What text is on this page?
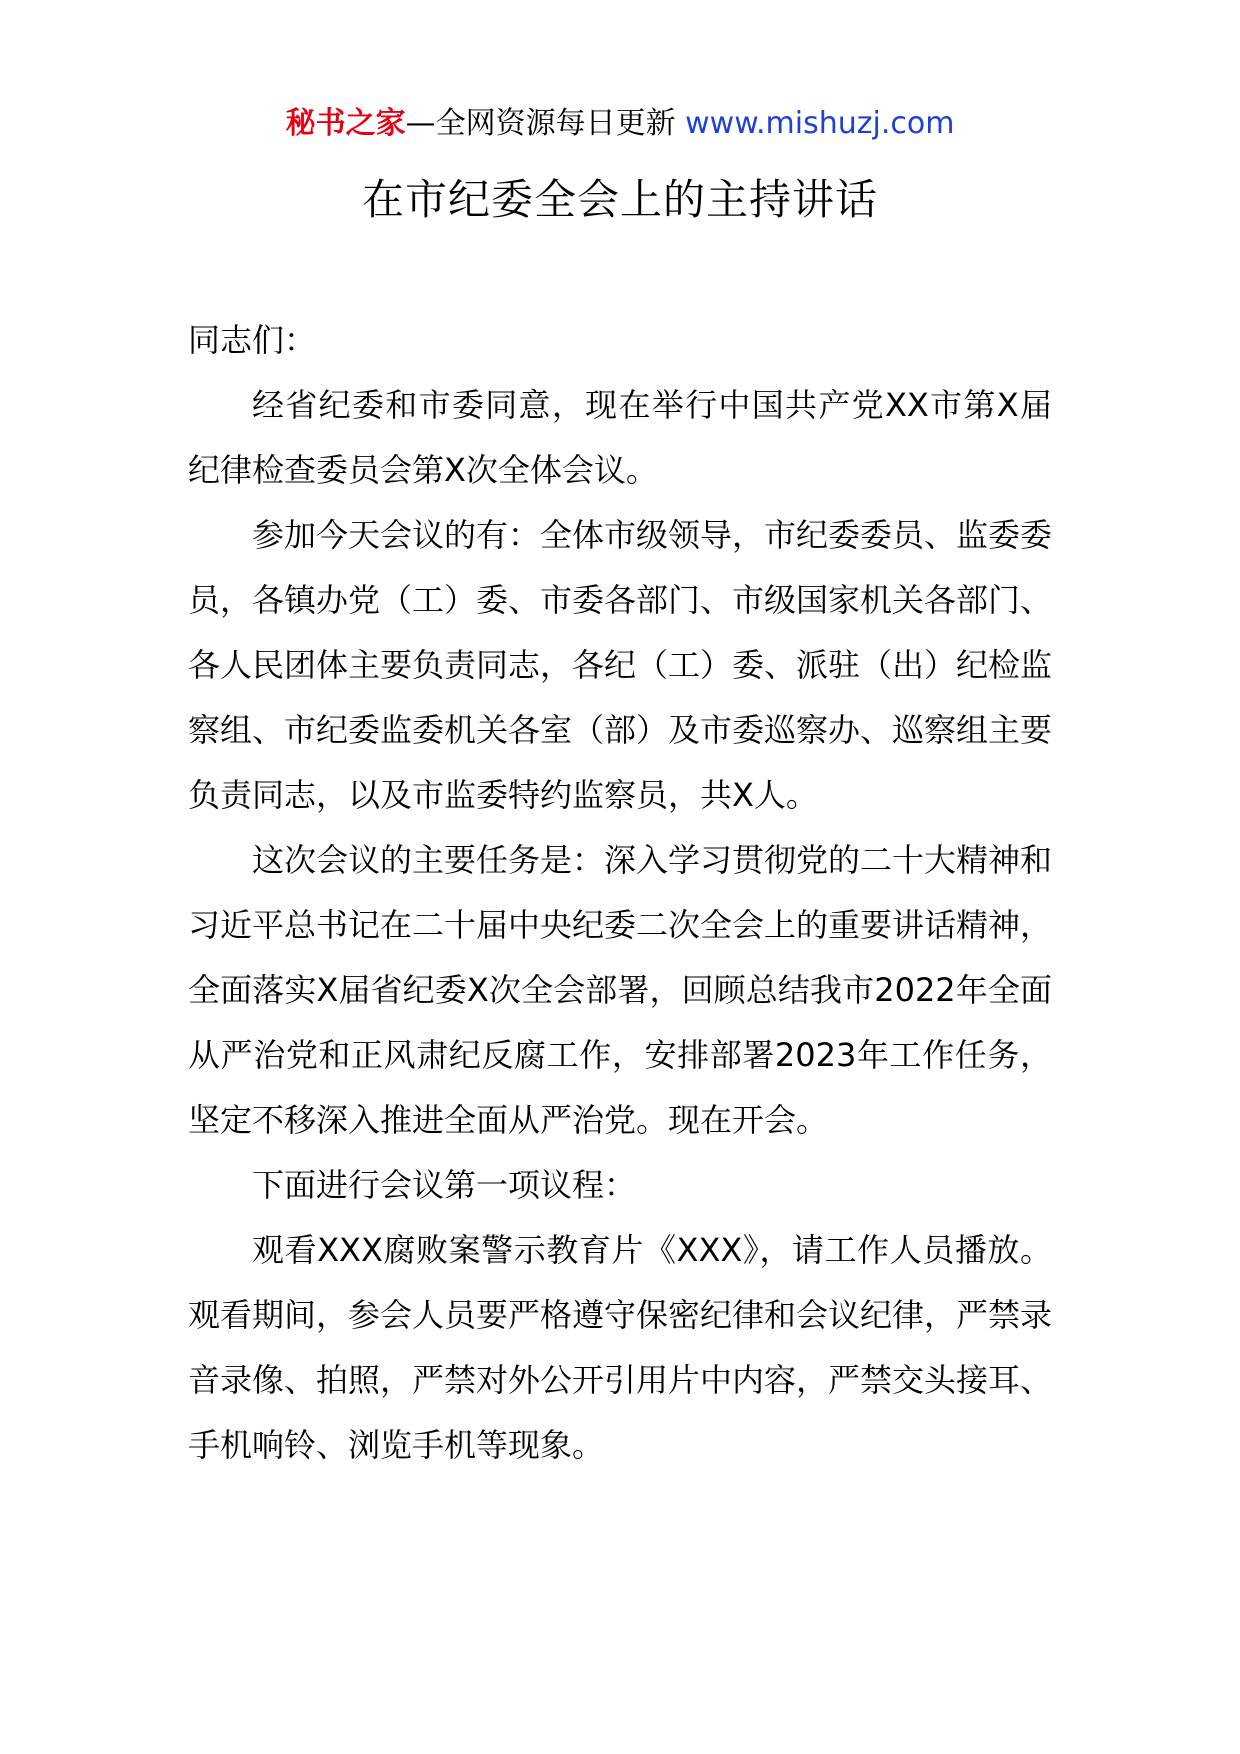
秘书之家—全网资源每日更新 www.mishuzj.com
在市纪委全会上的主持讲话

同志们：

经省纪委和市委同意，现在举行中国共产党XX市第X届纪律检查委员会第X次全体会议。

参加今天会议的有：全体市级领导，市纪委委员、监委委员，各镇办党（工）委、市委各部门、市级国家机关各部门、各人民团体主要负责同志，各纪（工）委、派驻（出）纪检监察组、市纪委监委机关各室（部）及市委巡察办、巡察组主要负责同志，以及市监委特约监察员，共X人。

这次会议的主要任务是：深入学习贯彻党的二十大精神和习近平总书记在二十届中央纪委二次全会上的重要讲话精神，全面落实X届省纪委X次全会部署，回顾总结我市2022年全面从严治党和正风肃纪反腐工作，安排部署2023年工作任务，坚定不移深入推进全面从严治党。现在开会。

下面进行会议第一项议程：

观看XXX腐败案警示教育片《XXX》，请工作人员播放。观看期间，参会人员要严格遵守保密纪律和会议纪律，严禁录音录像、拍照，严禁对外公开引用片中内容，严禁交头接耳、手机响铃、浏览手机等现象。
